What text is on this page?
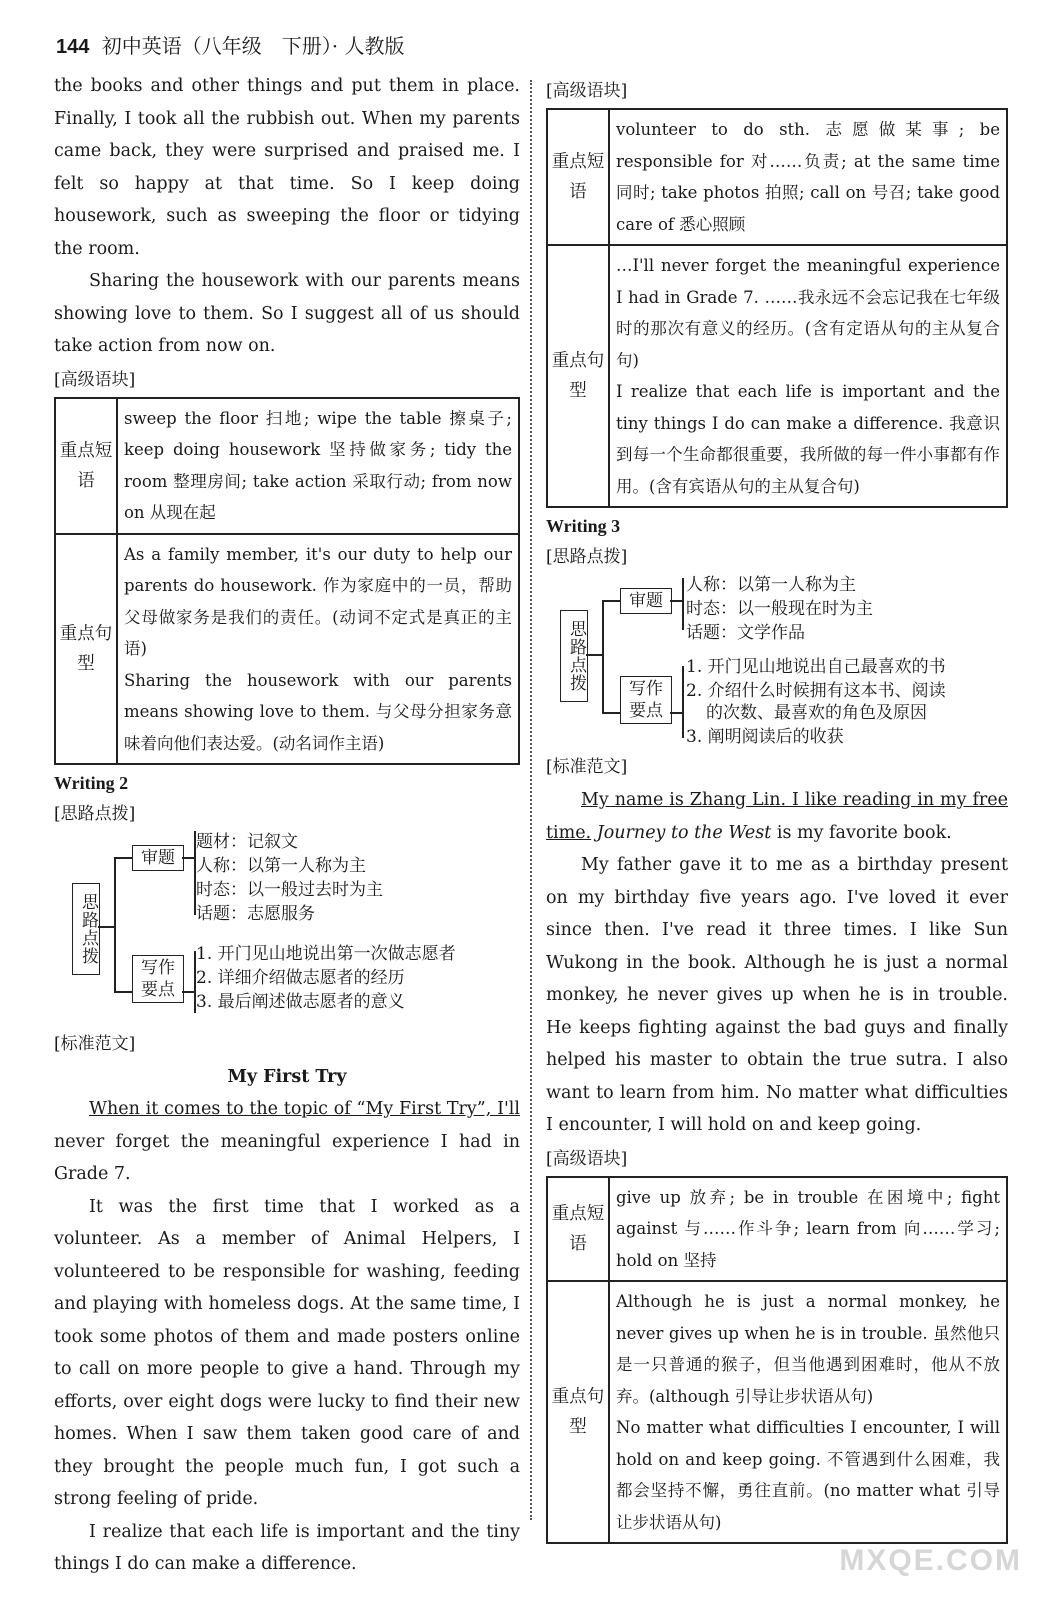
144 初中英语（八年级　下册）· 人教版

the books and other things and put them in place. Finally, I took all the rubbish out. When my parents came back, they were surprised and praised me. I felt so happy at that time. So I keep doing housework, such as sweeping the floor or tidying the room.

Sharing the housework with our parents means showing love to them. So I suggest all of us should take action from now on.

[高级语块]
重点短语	sweep the floor 扫地; wipe the table 擦桌子; keep doing housework 坚持做家务; tidy the room 整理房间; take action 采取行动; from now on 从现在起
重点句型	As a family member, it's our duty to help our parents do housework. 作为家庭中的一员，帮助父母做家务是我们的责任。(动词不定式是真正的主语)
Sharing the housework with our parents means showing love to them. 与父母分担家务意味着向他们表达爱。(动名词作主语)
Writing 2
[思路点拨]
思路点拨
审题
写作
要点
题材：记叙文
人称：以第一人称为主
时态：以一般过去时为主
话题：志愿服务
1. 开门见山地说出第一次做志愿者
2. 详细介绍做志愿者的经历
3. 最后阐述做志愿者的意义
[标准范文]
My First Try

When it comes to the topic of “My First Try”, I'll never forget the meaningful experience I had in Grade 7.

It was the first time that I worked as a volunteer. As a member of Animal Helpers, I volunteered to be responsible for washing, feeding and playing with homeless dogs. At the same time, I took some photos of them and made posters online to call on more people to give a hand. Through my efforts, over eight dogs were lucky to find their new homes. When I saw them taken good care of and they brought the people much fun, I got such a strong feeling of pride.

I realize that each life is important and the tiny things I do can make a difference.

[高级语块]
重点短语	volunteer to do sth. 志愿做某事; be responsible for 对……负责; at the same time 同时; take photos 拍照; call on 号召; take good care of 悉心照顾
重点句型	…I'll never forget the meaningful experience I had in Grade 7. ……我永远不会忘记我在七年级时的那次有意义的经历。(含有定语从句的主从复合句)
I realize that each life is important and the tiny things I do can make a difference. 我意识到每一个生命都很重要，我所做的每一件小事都有作用。(含有宾语从句的主从复合句)
Writing 3
[思路点拨]
思路点拨
审题
写作
要点
人称：以第一人称为主
时态：以一般现在时为主
话题：文学作品
1. 开门见山地说出自己最喜欢的书
2. 介绍什么时候拥有这本书、阅读
的次数、最喜欢的角色及原因
3. 阐明阅读后的收获
[标准范文]

My name is Zhang Lin. I like reading in my free time. Journey to the West is my favorite book.

My father gave it to me as a birthday present on my birthday five years ago. I've loved it ever since then. I've read it three times. I like Sun Wukong in the book. Although he is just a normal monkey, he never gives up when he is in trouble. He keeps fighting against the bad guys and finally helped his master to obtain the true sutra. I also want to learn from him. No matter what difficulties I encounter, I will hold on and keep going.

[高级语块]
重点短语	give up 放弃; be in trouble 在困境中; fight against 与……作斗争; learn from 向……学习; hold on 坚持
重点句型	Although he is just a normal monkey, he never gives up when he is in trouble. 虽然他只是一只普通的猴子，但当他遇到困难时，他从不放弃。(although 引导让步状语从句)
No matter what difficulties I encounter, I will hold on and keep going. 不管遇到什么困难，我都会坚持不懈，勇往直前。(no matter what 引导让步状语从句)
MXQE.COM
